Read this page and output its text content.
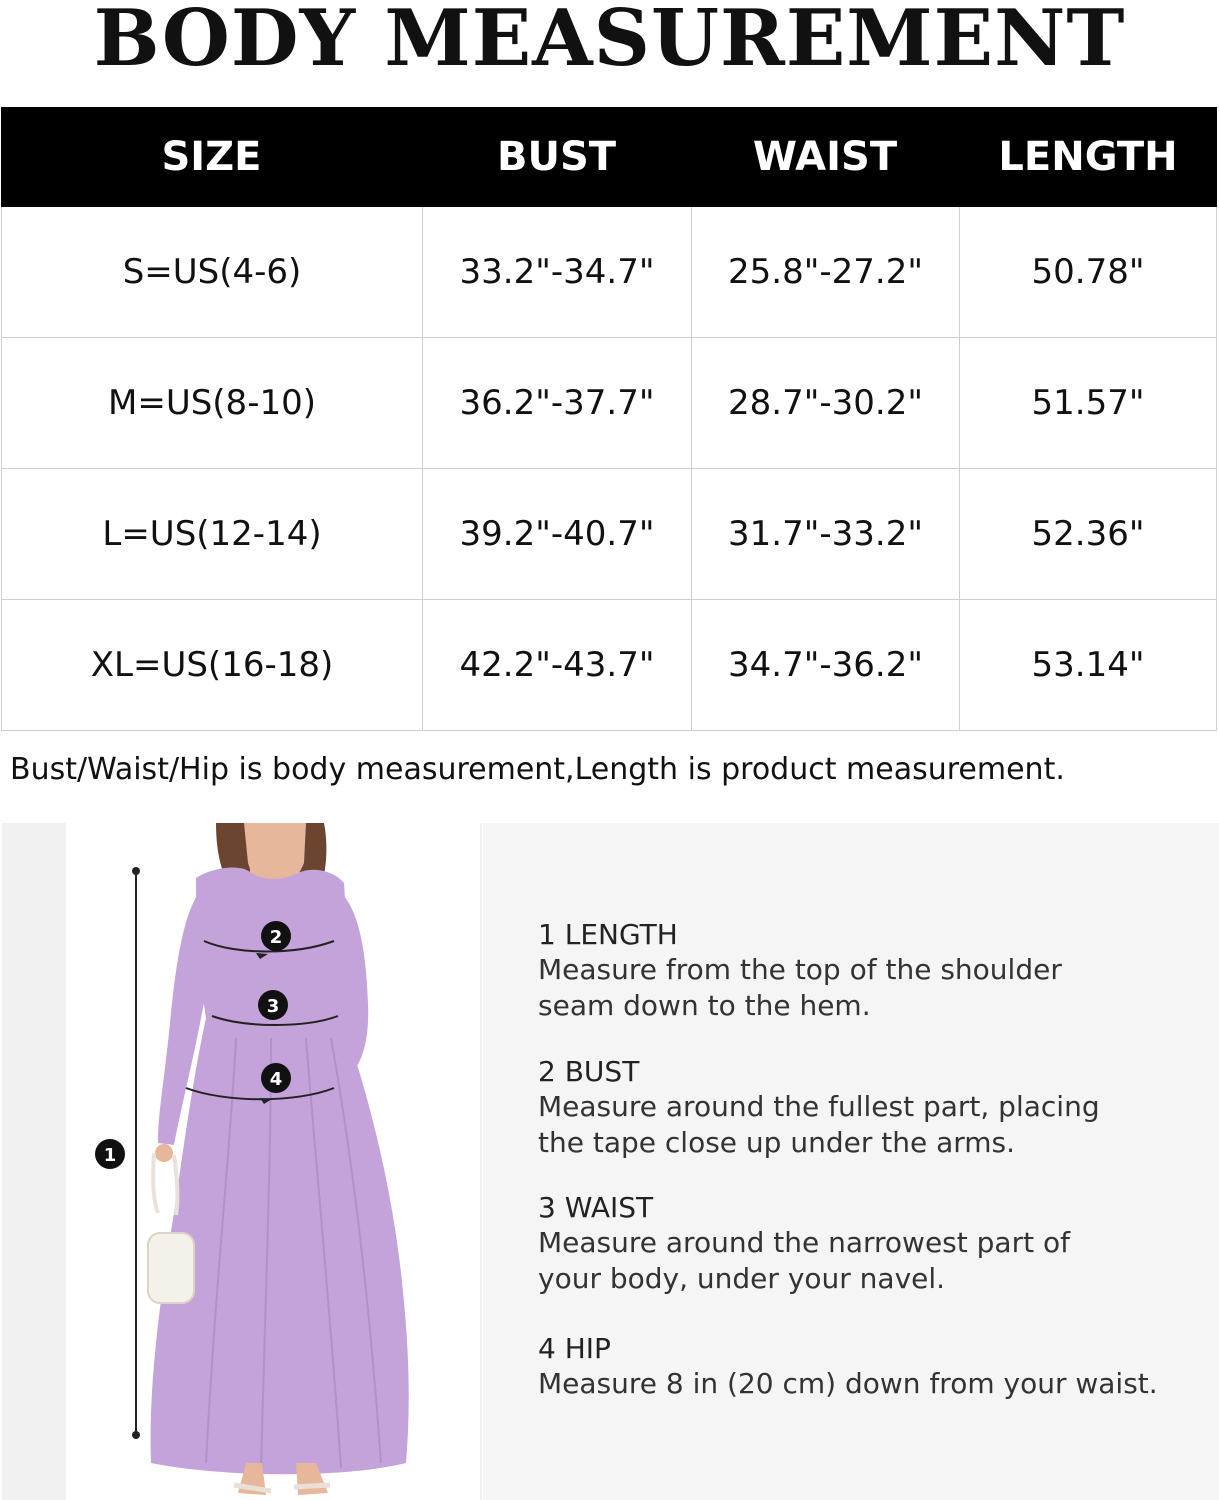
BODY MEASUREMENT
SIZE	BUST	WAIST	LENGTH
S=US(4-6)	33.2"-34.7"	25.8"-27.2"	50.78"
M=US(8-10)	36.2"-37.7"	28.7"-30.2"	51.57"
L=US(12-14)	39.2"-40.7"	31.7"-33.2"	52.36"
XL=US(16-18)	42.2"-43.7"	34.7"-36.2"	53.14"
Bust/Waist/Hip is body measurement,Length is product measurement.
1
2
3
4
1 LENGTH
Measure from the top of the shoulder
seam down to the hem.
2 BUST
Measure around the fullest part, placing
the tape close up under the arms.
3 WAIST
Measure around the narrowest part of
your body, under your navel.
4 HIP
Measure 8 in (20 cm) down from your waist.
